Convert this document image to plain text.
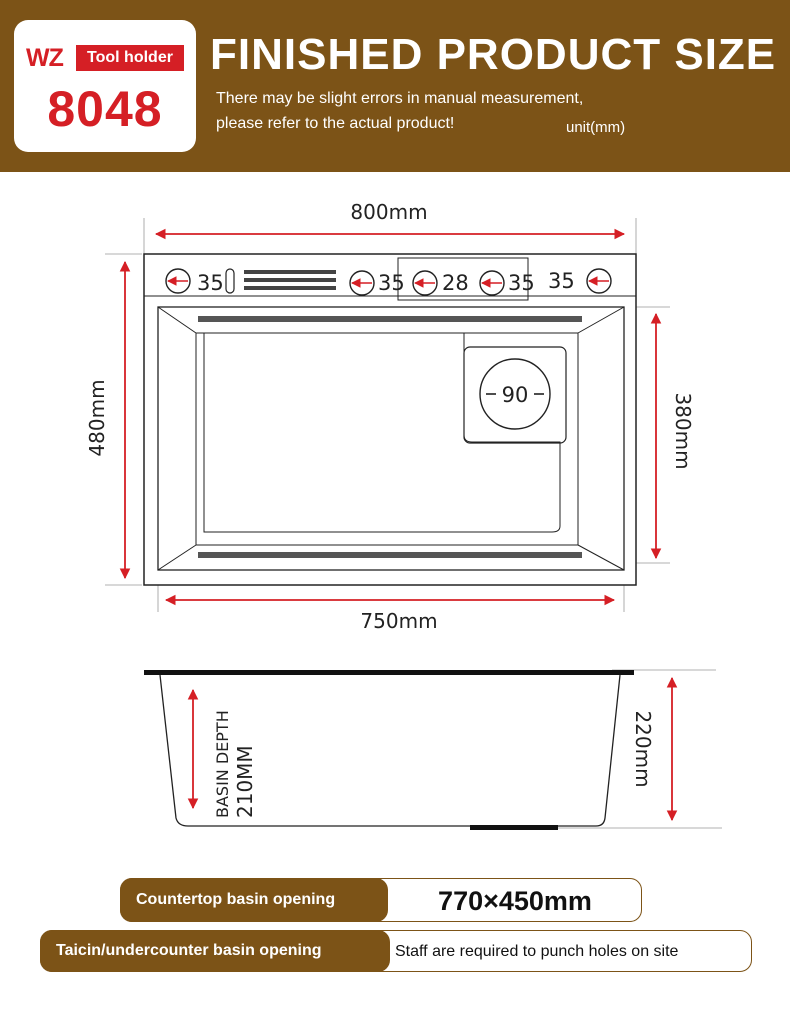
WZ	Tool holder
8048
FINISHED PRODUCT SIZE
There may be slight errors in manual measurement,
please refer to the actual product!	unit(mm)
35	35 28 35 35
90
800mm
480mm	380mm
750mm
BASIN DEPTH 210MM	220mm
Countertop basin opening	770×450mm
Taicin/undercounter basin opening	Staff are required to punch holes on site
